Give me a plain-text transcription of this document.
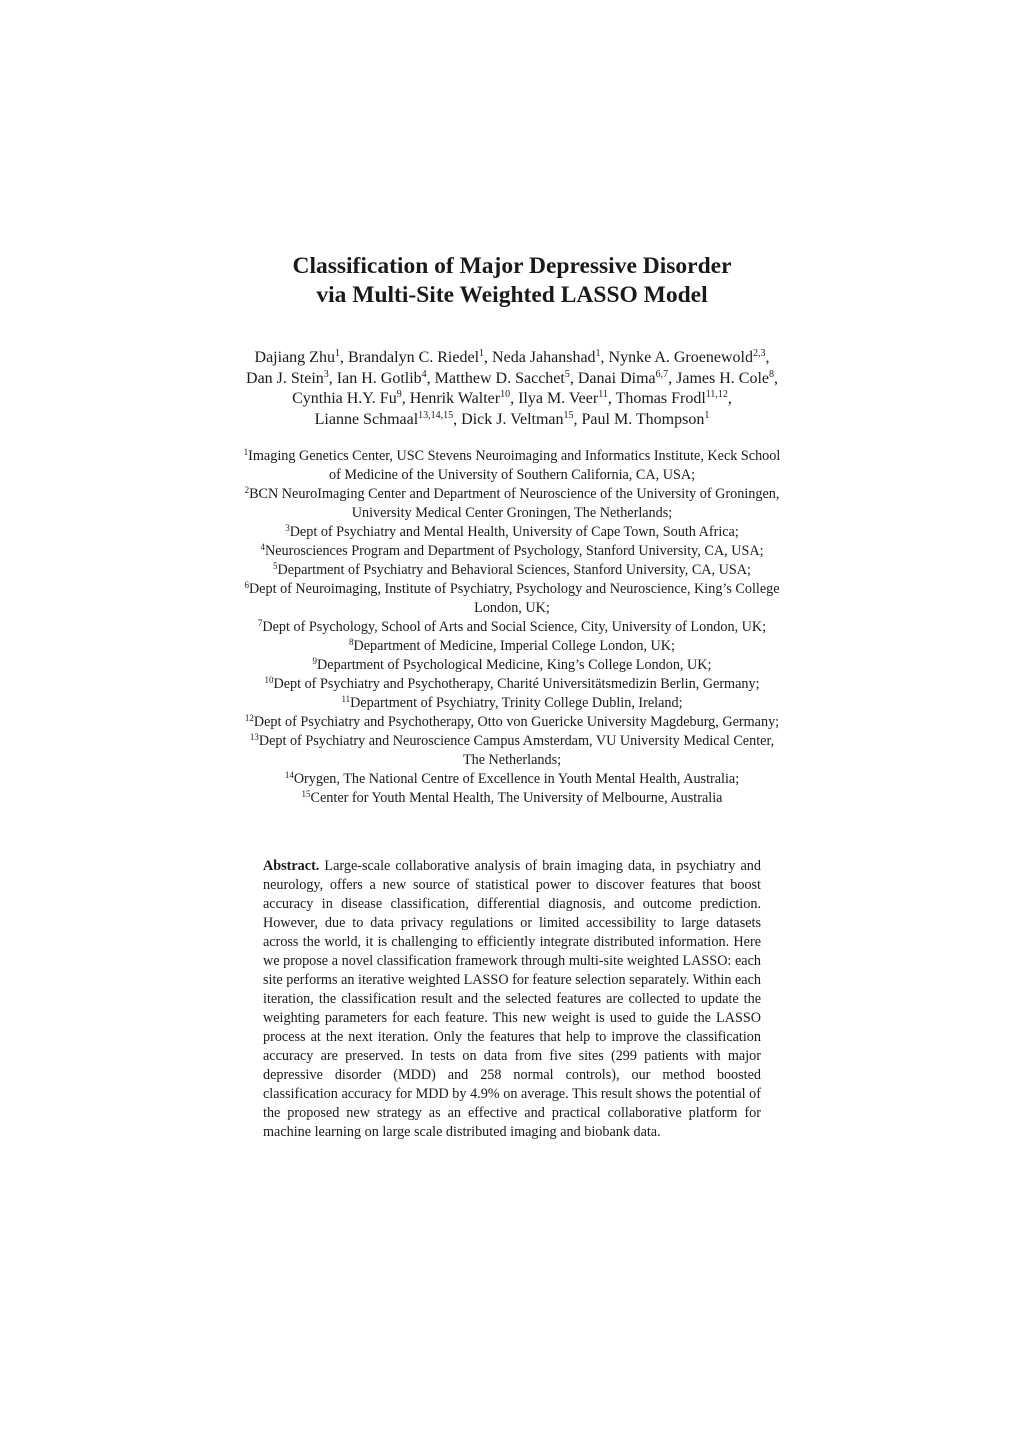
Classification of Major Depressive Disorder
via Multi-Site Weighted LASSO Model
Dajiang Zhu$^1$, Brandalyn C. Riedel$^1$, Neda Jahanshad$^1$, Nynke A. Groenewold$^{2,3}$,
Dan J. Stein$^3$, Ian H. Gotlib$^4$, Matthew D. Sacchet$^5$, Danai Dima$^{6,7}$, James H. Cole$^8$,
Cynthia H.Y. Fu$^9$, Henrik Walter$^{10}$, Ilya M. Veer$^{11}$, Thomas Frodl$^{11,12}$,
Lianne Schmaal$^{13,14,15}$, Dick J. Veltman$^{15}$, Paul M. Thompson$^1$
$^1$Imaging Genetics Center, USC Stevens Neuroimaging and Informatics Institute, Keck School
of Medicine of the University of Southern California, CA, USA;
$^2$BCN NeuroImaging Center and Department of Neuroscience of the University of Groningen,
University Medical Center Groningen, The Netherlands;
$^3$Dept of Psychiatry and Mental Health, University of Cape Town, South Africa;
$^4$Neurosciences Program and Department of Psychology, Stanford University, CA, USA;
$^5$Department of Psychiatry and Behavioral Sciences, Stanford University, CA, USA;
$^6$Dept of Neuroimaging, Institute of Psychiatry, Psychology and Neuroscience, King’s College
London, UK;
$^7$Dept of Psychology, School of Arts and Social Science, City, University of London, UK;
$^8$Department of Medicine, Imperial College London, UK;
$^9$Department of Psychological Medicine, King’s College London, UK;
$^{10}$Dept of Psychiatry and Psychotherapy, Charité Universitätsmedizin Berlin, Germany;
$^{11}$Department of Psychiatry, Trinity College Dublin, Ireland;
$^{12}$Dept of Psychiatry and Psychotherapy, Otto von Guericke University Magdeburg, Germany;
$^{13}$Dept of Psychiatry and Neuroscience Campus Amsterdam, VU University Medical Center,
The Netherlands;
$^{14}$Orygen, The National Centre of Excellence in Youth Mental Health, Australia;
$^{15}$Center for Youth Mental Health, The University of Melbourne, Australia
Abstract. Large-scale collaborative analysis of brain imaging data, in psychiatry and neurology, offers a new source of statistical power to discover features that boost accuracy in disease classification, differential diagnosis, and outcome prediction. However, due to data privacy regulations or limited accessibility to large datasets across the world, it is challenging to efficiently integrate distributed information. Here we propose a novel classification framework through multi-site weighted LASSO: each site performs an iterative weighted LASSO for feature selection separately. Within each iteration, the classification result and the selected features are collected to update the weighting parameters for each feature. This new weight is used to guide the LASSO process at the next iteration. Only the features that help to improve the classification accuracy are preserved. In tests on data from five sites (299 patients with major depressive disorder (MDD) and 258 normal controls), our method boosted classification accuracy for MDD by 4.9% on average. This result shows the potential of the proposed new strategy as an effective and practical collaborative platform for machine learning on large scale distributed imaging and biobank data.
